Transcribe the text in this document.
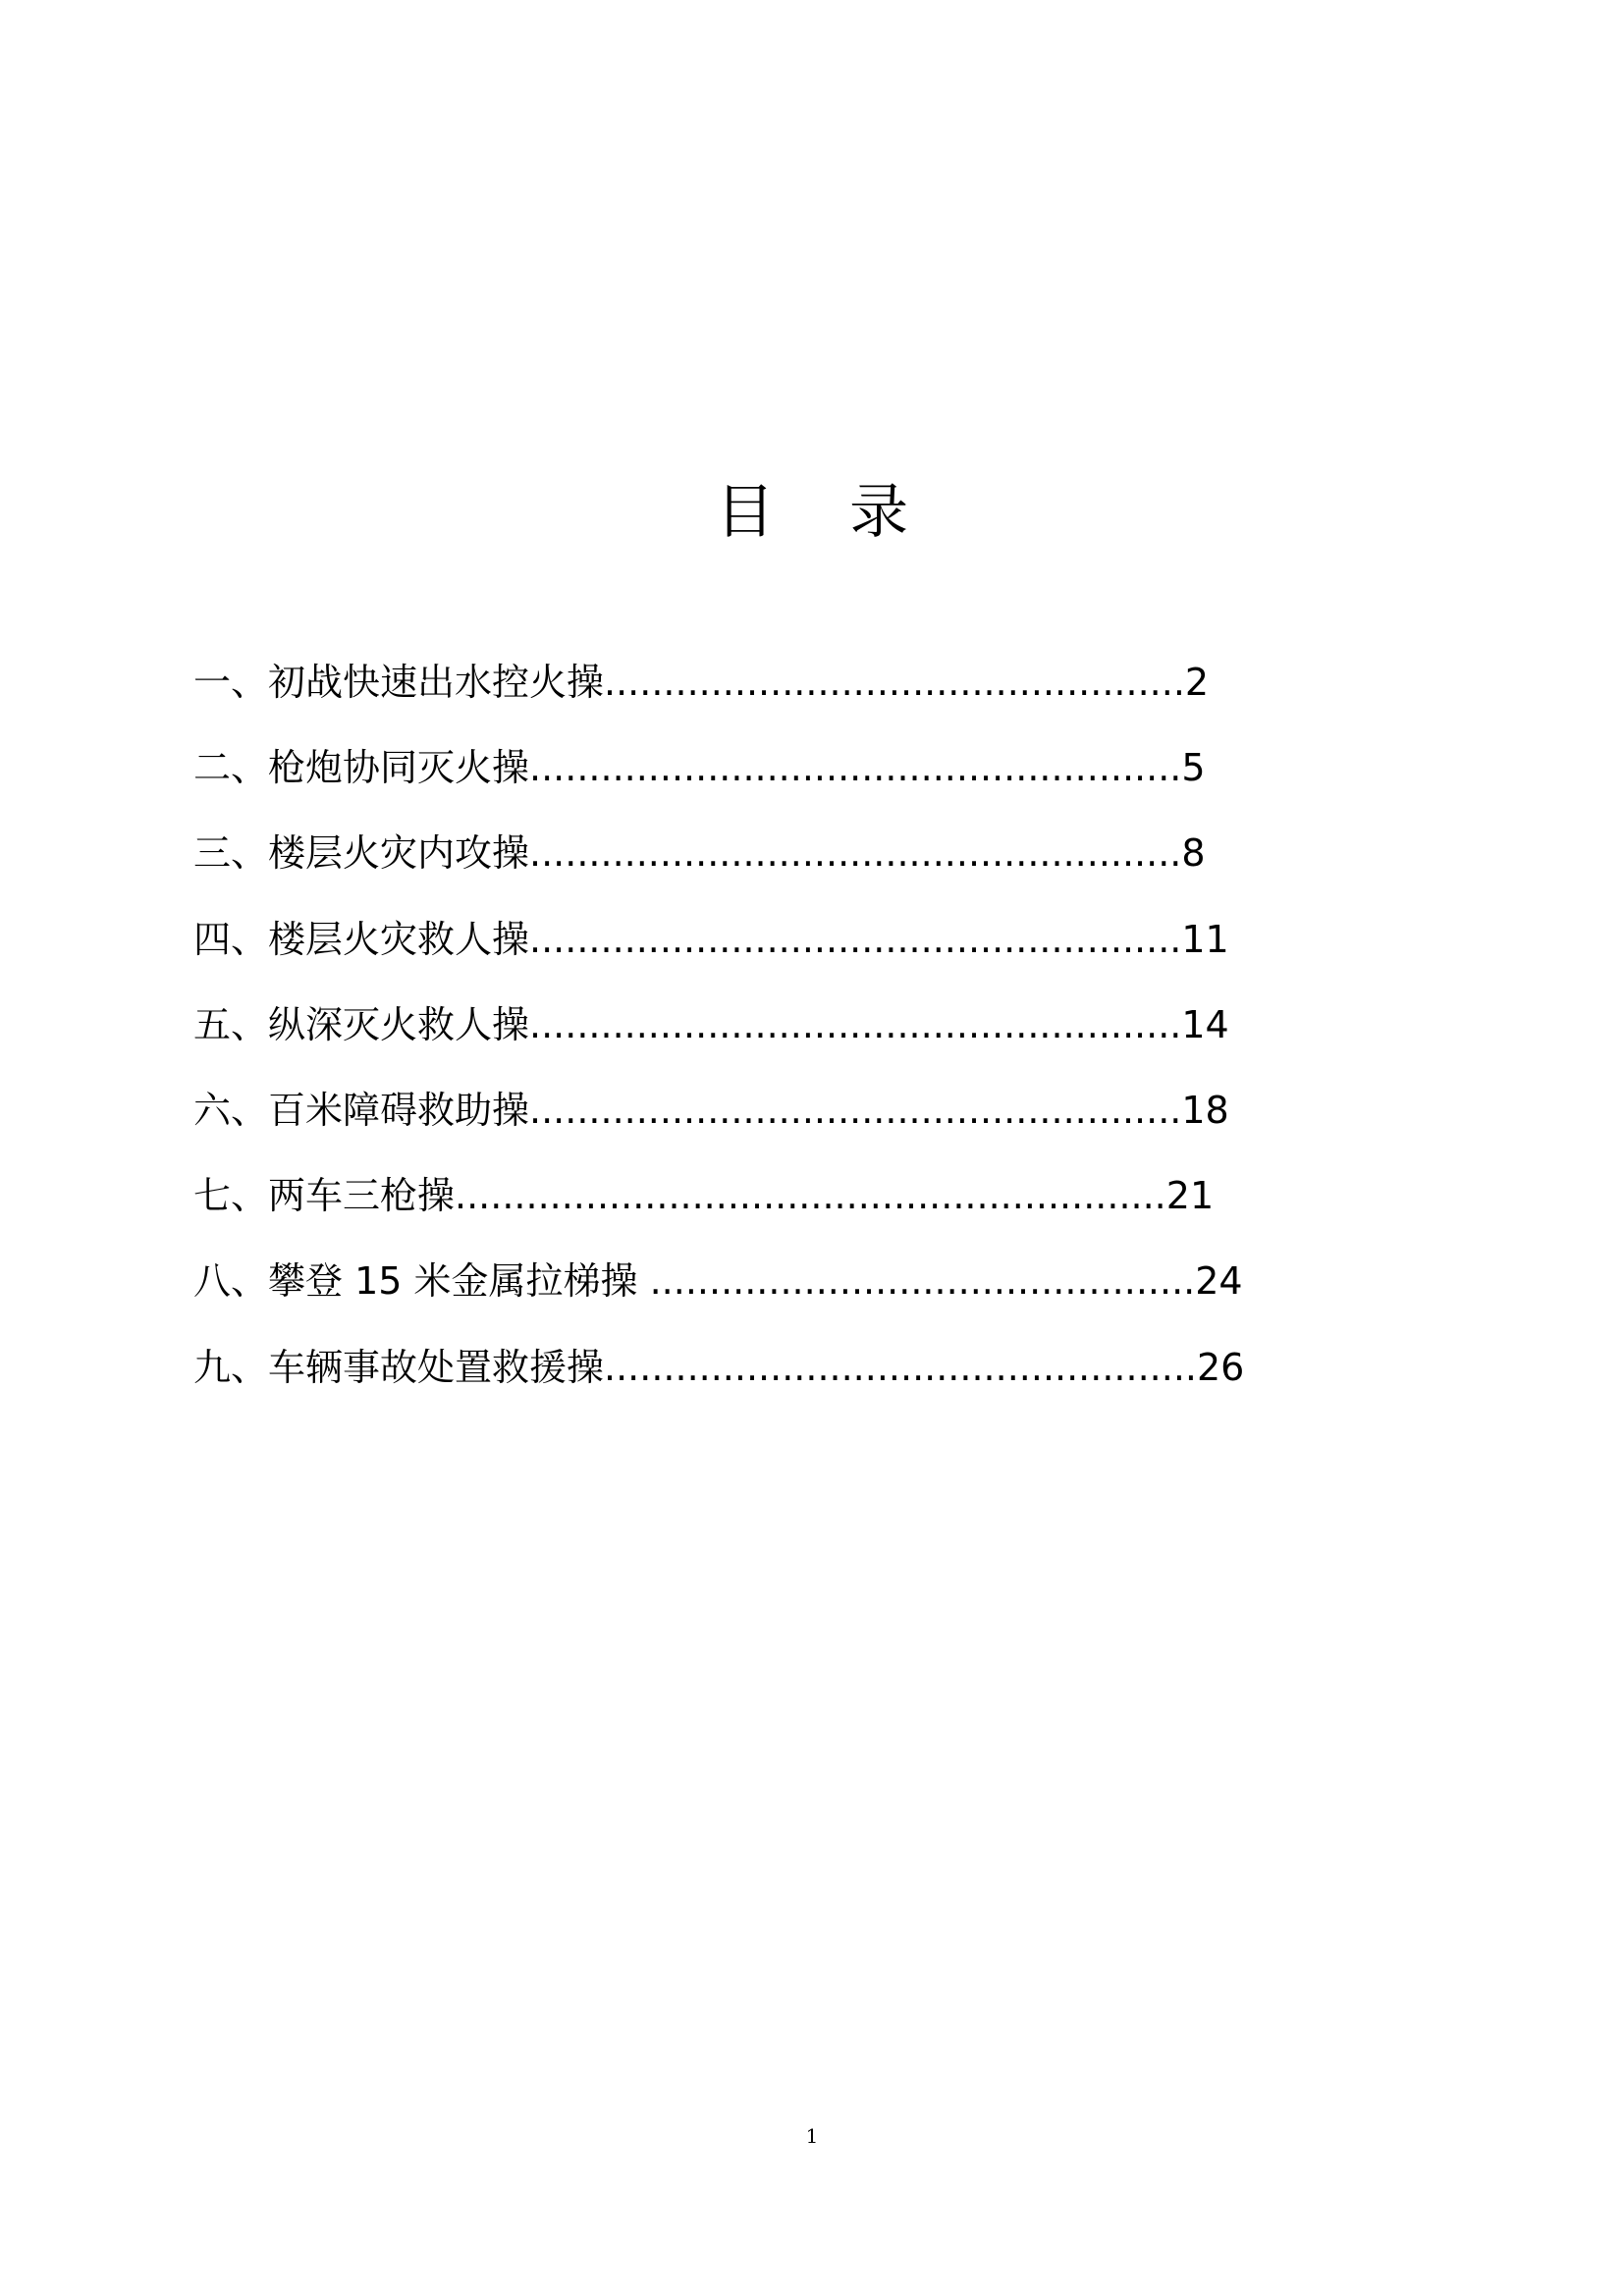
目    录
一、初战快速出水控火操.................................................2
二、枪炮协同灭火操.......................................................5
三、楼层火灾内攻操.......................................................8
四、楼层火灾救人操.......................................................11
五、纵深灭火救人操.......................................................14
六、百米障碍救助操.......................................................18
七、两车三枪操............................................................21
八、攀登 15 米金属拉梯操 ..............................................24
九、车辆事故处置救援操..................................................26
1
